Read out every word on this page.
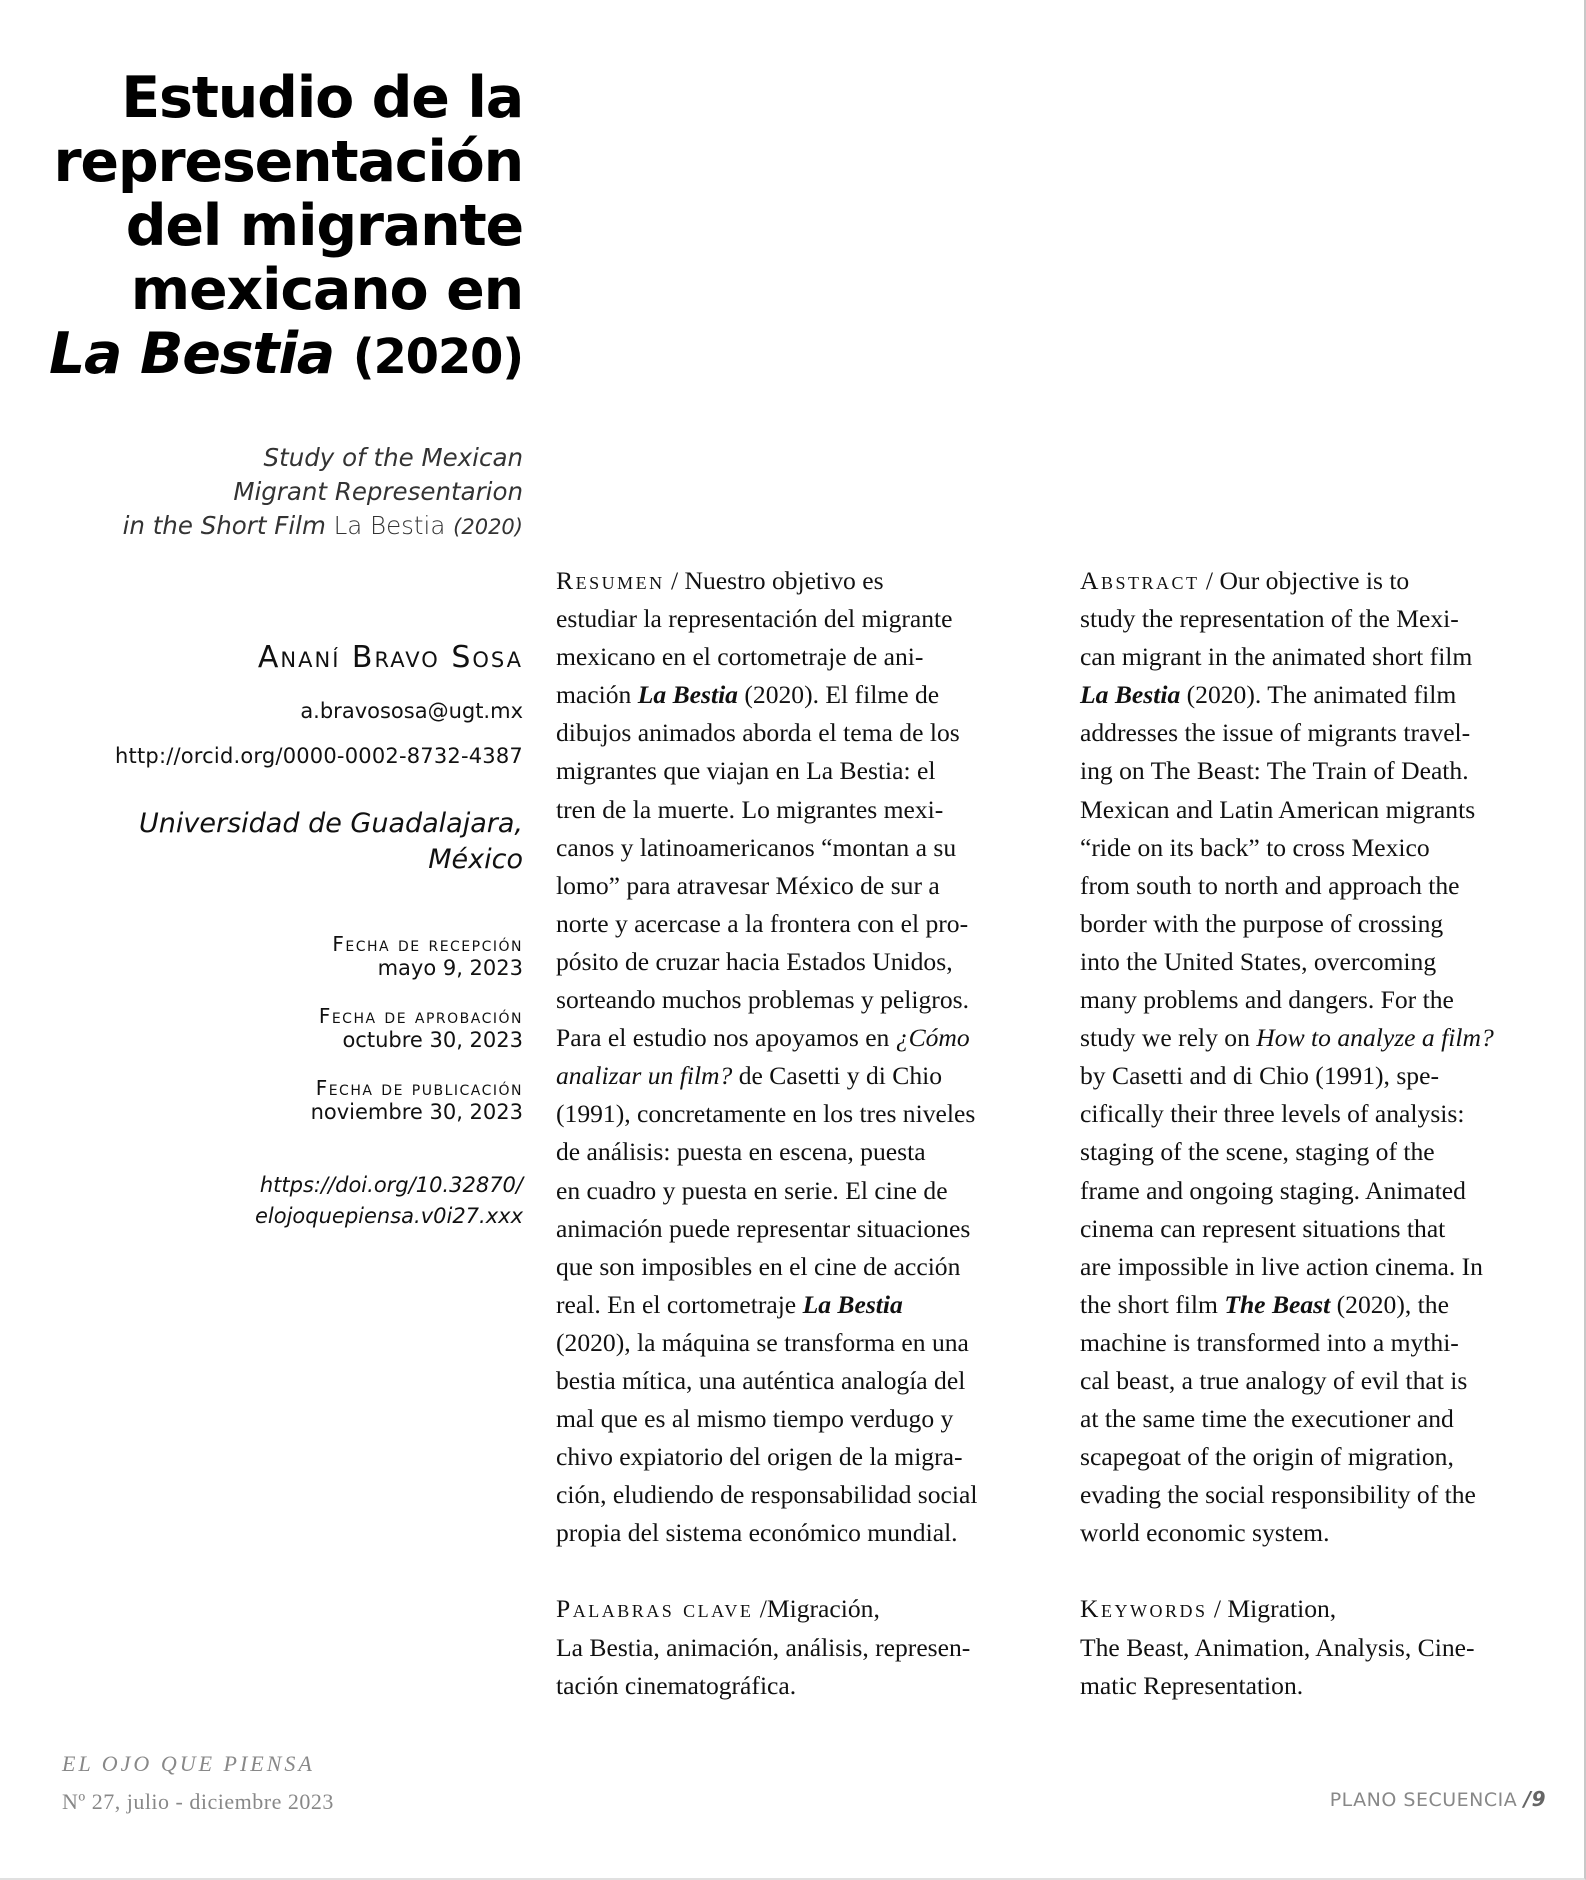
Estudio de la
representación
del migrante
mexicano en
La Bestia (2020)
Study of the Mexican
Migrant Representarion
in the Short Film La Bestia (2020)
Ananí Bravo Sosa
a.bravososa@ugt.mx
http://orcid.org/0000-0002-8732-4387
Universidad de Guadalajara,
México
Fecha de recepción
mayo 9, 2023
Fecha de aprobación
octubre 30, 2023
Fecha de publicación
noviembre 30, 2023
https://doi.org/10.32870/
elojoquepiensa.v0i27.xxx
Resumen / Nuestro objetivo es
estudiar la representación del migrante
mexicano en el cortometraje de ani-
mación La Bestia (2020). El filme de
dibujos animados aborda el tema de los
migrantes que viajan en La Bestia: el
tren de la muerte. Lo migrantes mexi-
canos y latinoamericanos “montan a su
lomo” para atravesar México de sur a
norte y acercase a la frontera con el pro-
pósito de cruzar hacia Estados Unidos,
sorteando muchos problemas y peligros.
Para el estudio nos apoyamos en ¿Cómo
analizar un film? de Casetti y di Chio
(1991), concretamente en los tres niveles
de análisis: puesta en escena, puesta
en cuadro y puesta en serie. El cine de
animación puede representar situaciones
que son imposibles en el cine de acción
real. En el cortometraje La Bestia
(2020), la máquina se transforma en una
bestia mítica, una auténtica analogía del
mal que es al mismo tiempo verdugo y
chivo expiatorio del origen de la migra-
ción, eludiendo de responsabilidad social
propia del sistema económico mundial.
Palabras clave /Migración,
La Bestia, animación, análisis, represen-
tación cinematográfica.
Abstract / Our objective is to
study the representation of the Mexi-
can migrant in the animated short film
La Bestia (2020). The animated film
addresses the issue of migrants travel-
ing on The Beast: The Train of Death.
Mexican and Latin American migrants
“ride on its back” to cross Mexico
from south to north and approach the
border with the purpose of crossing
into the United States, overcoming
many problems and dangers. For the
study we rely on How to analyze a film?
by Casetti and di Chio (1991), spe-
cifically their three levels of analysis:
staging of the scene, staging of the
frame and ongoing staging. Animated
cinema can represent situations that
are impossible in live action cinema. In
the short film The Beast (2020), the
machine is transformed into a mythi-
cal beast, a true analogy of evil that is
at the same time the executioner and
scapegoat of the origin of migration,
evading the social responsibility of the
world economic system.
Keywords / Migration,
The Beast, Animation, Analysis, Cine-
matic Representation.
EL OJO QUE PIENSA
Nº 27, julio - diciembre 2023	PLANO SECUENCIA /9
